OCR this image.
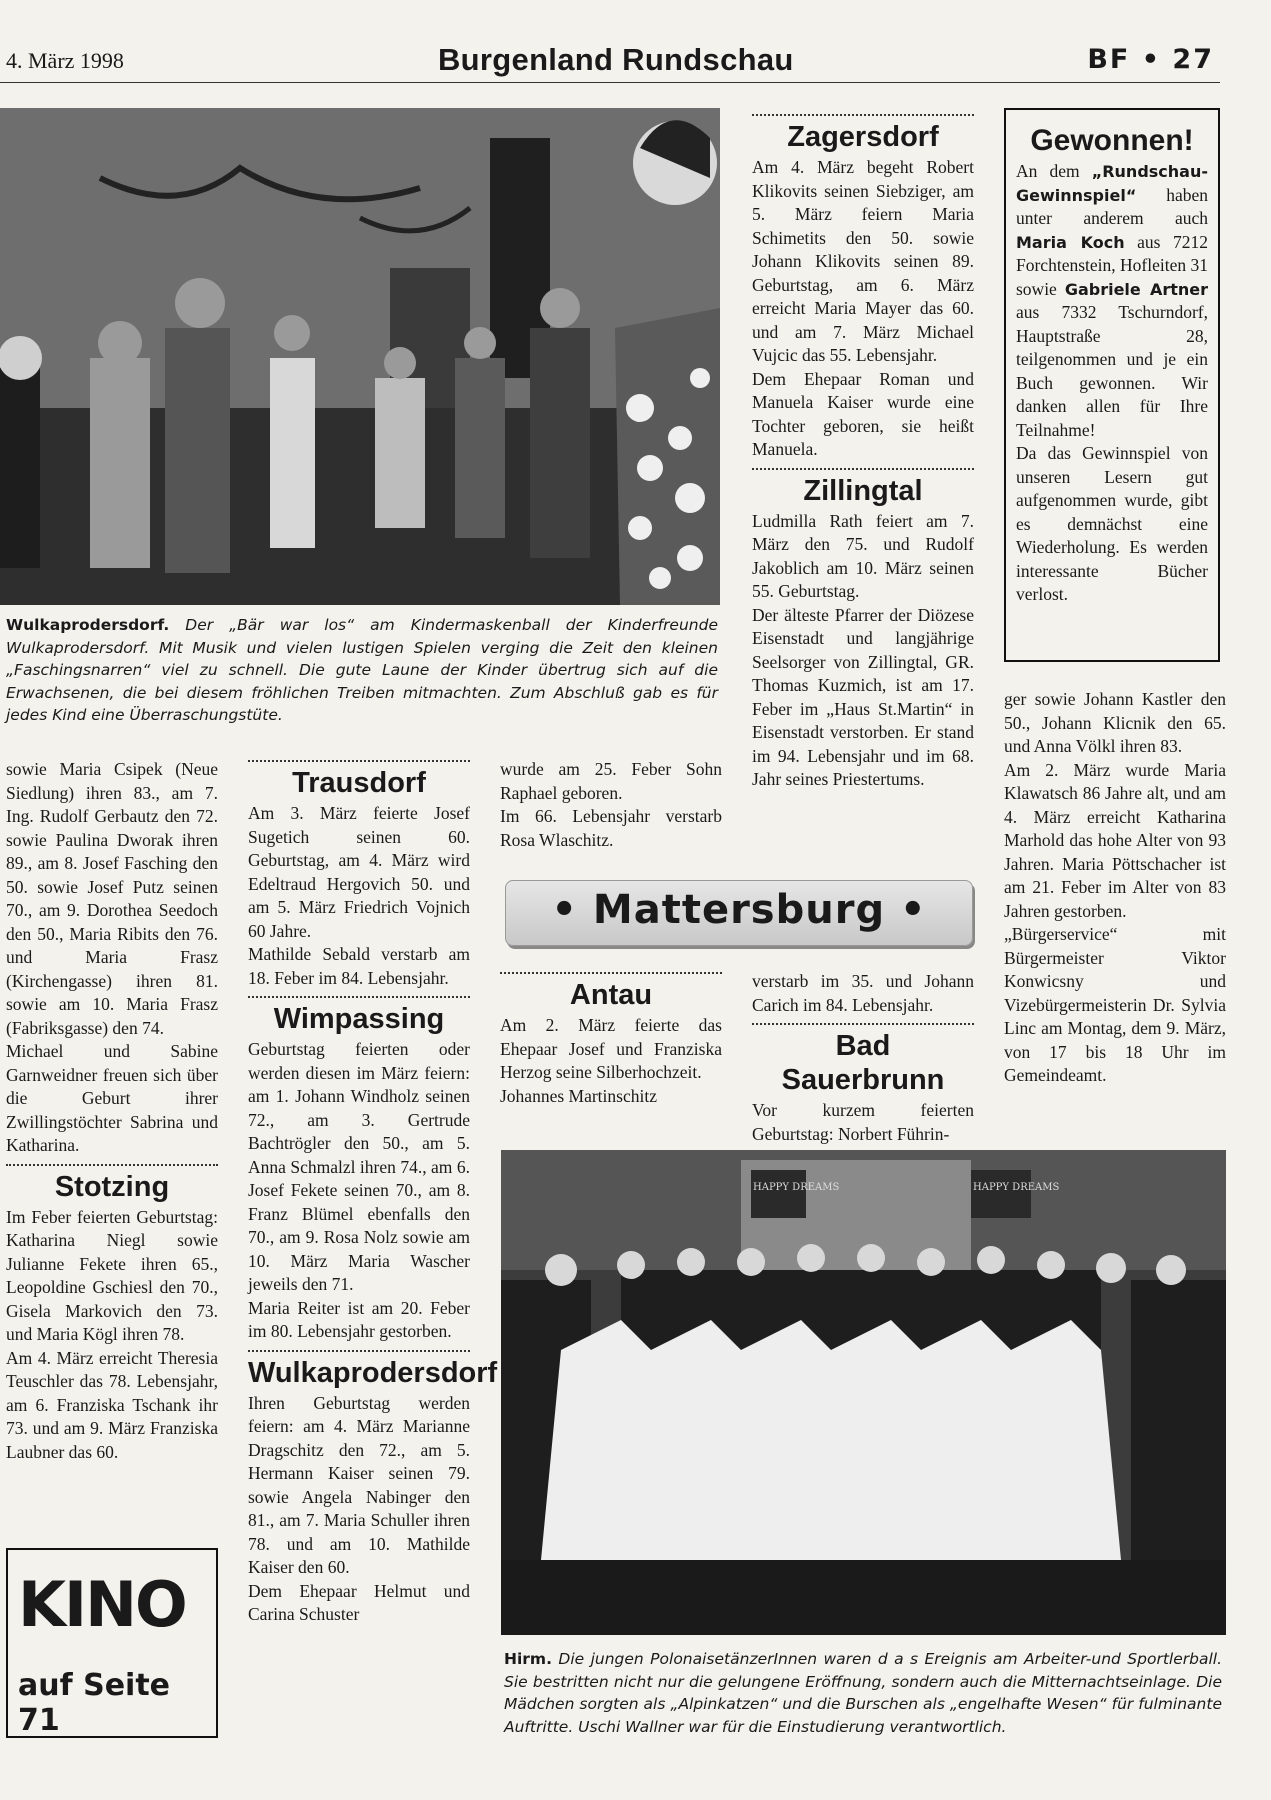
4. März 1998	Burgenland Rundschau	BF • 27
Wulkaprodersdorf. Der „Bär war los“ am Kindermaskenball der Kinderfreunde Wulkaprodersdorf. Mit Musik und vielen lustigen Spielen verging die Zeit den kleinen „Faschingsnarren“ viel zu schnell. Die gute Laune der Kinder übertrug sich auf die Erwachsenen, die bei diesem fröhlichen Treiben mitmachten. Zum Abschluß gab es für jedes Kind eine Überraschungstüte.
Zagersdorf

Am 4. März begeht Robert Klikovits seinen Siebziger, am 5. März feiern Maria Schimetits den 50. sowie Johann Klikovits seinen 89. Geburtstag, am 6. März erreicht Maria Mayer das 60. und am 7. März Michael Vujcic das 55. Lebensjahr.

Dem Ehepaar Roman und Manuela Kaiser wurde eine Tochter geboren, sie heißt Manuela.

Zillingtal

Ludmilla Rath feiert am 7. März den 75. und Rudolf Jakoblich am 10. März seinen 55. Geburtstag.

Der älteste Pfarrer der Diözese Eisenstadt und langjährige Seelsorger von Zillingtal, GR. Thomas Kuzmich, ist am 17. Feber im „Haus St.Martin“ in Eisenstadt verstorben. Er stand im 94. Lebensjahr und im 68. Jahr seines Priestertums.

Gewonnen!

An dem „Rundschau-Gewinnspiel“ haben unter anderem auch Maria Koch aus 7212 Forchtenstein, Hofleiten 31 sowie Gabriele Artner aus 7332 Tschurndorf, Hauptstraße 28, teilgenommen und je ein Buch gewonnen. Wir danken allen für Ihre Teilnahme!

Da das Gewinnspiel von unseren Lesern gut aufgenommen wurde, gibt es demnächst eine Wiederholung. Es werden interessante Bücher verlost.

ger sowie Johann Kastler den 50., Johann Klicnik den 65. und Anna Völkl ihren 83.

Am 2. März wurde Maria Klawatsch 86 Jahre alt, und am 4. März erreicht Katharina Marhold das hohe Alter von 93 Jahren. Maria Pöttschacher ist am 21. Feber im Alter von 83 Jahren gestorben.

„Bürgerservice“ mit Bürgermeister Viktor Konwicsny und Vizebürgermeisterin Dr. Sylvia Linc am Montag, dem 9. März, von 17 bis 18 Uhr im Gemeindeamt.

sowie Maria Csipek (Neue Siedlung) ihren 83., am 7. Ing. Rudolf Gerbautz den 72. sowie Paulina Dworak ihren 89., am 8. Josef Fasching den 50. sowie Josef Putz seinen 70., am 9. Dorothea Seedoch den 50., Maria Ribits den 76. und Maria Frasz (Kirchengasse) ihren 81. sowie am 10. Maria Frasz (Fabriksgasse) den 74.

Michael und Sabine Garnweidner freuen sich über die Geburt ihrer Zwillingstöchter Sabrina und Katharina.

Stotzing

Im Feber feierten Geburtstag: Katharina Niegl sowie Julianne Fekete ihren 65., Leopoldine Gschiesl den 70., Gisela Markovich den 73. und Maria Kögl ihren 78.

Am 4. März erreicht Theresia Teuschler das 78. Lebensjahr, am 6. Franziska Tschank ihr 73. und am 9. März Franziska Laubner das 60.

KINO
auf Seite 71
Trausdorf

Am 3. März feierte Josef Sugetich seinen 60. Geburtstag, am 4. März wird Edeltraud Hergovich 50. und am 5. März Friedrich Vojnich 60 Jahre.

Mathilde Sebald verstarb am 18. Feber im 84. Lebensjahr.

Wimpassing

Geburtstag feierten oder werden diesen im März feiern: am 1. Johann Windholz seinen 72., am 3. Gertrude Bachtrögler den 50., am 5. Anna Schmalzl ihren 74., am 6. Josef Fekete seinen 70., am 8. Franz Blümel ebenfalls den 70., am 9. Rosa Nolz sowie am 10. März Maria Wascher jeweils den 71.

Maria Reiter ist am 20. Feber im 80. Lebensjahr gestorben.

Wulkaprodersdorf

Ihren Geburtstag werden feiern: am 4. März Marianne Dragschitz den 72., am 5. Hermann Kaiser seinen 79. sowie Angela Nabinger den 81., am 7. Maria Schuller ihren 78. und am 10. Mathilde Kaiser den 60.

Dem Ehepaar Helmut und Carina Schuster

wurde am 25. Feber Sohn Raphael geboren.

Im 66. Lebensjahr verstarb Rosa Wlaschitz.

• Mattersburg •
Antau

Am 2. März feierte das Ehepaar Josef und Franziska Herzog seine Silberhochzeit.

Johannes Martinschitz

verstarb im 35. und Johann Carich im 84. Lebensjahr.

Bad Sauerbrunn

Vor kurzem feierten Geburtstag: Norbert Führin-

HAPPY DREAMS	HAPPY DREAMS
Hirm. Die jungen PolonaisetänzerInnen waren d a s Ereignis am Arbeiter-und Sportlerball. Sie bestritten nicht nur die gelungene Eröffnung, sondern auch die Mitternachtseinlage. Die Mädchen sorgten als „Alpinkatzen“ und die Burschen als „engelhafte Wesen“ für fulminante Auftritte. Uschi Wallner war für die Einstudierung verantwortlich.
